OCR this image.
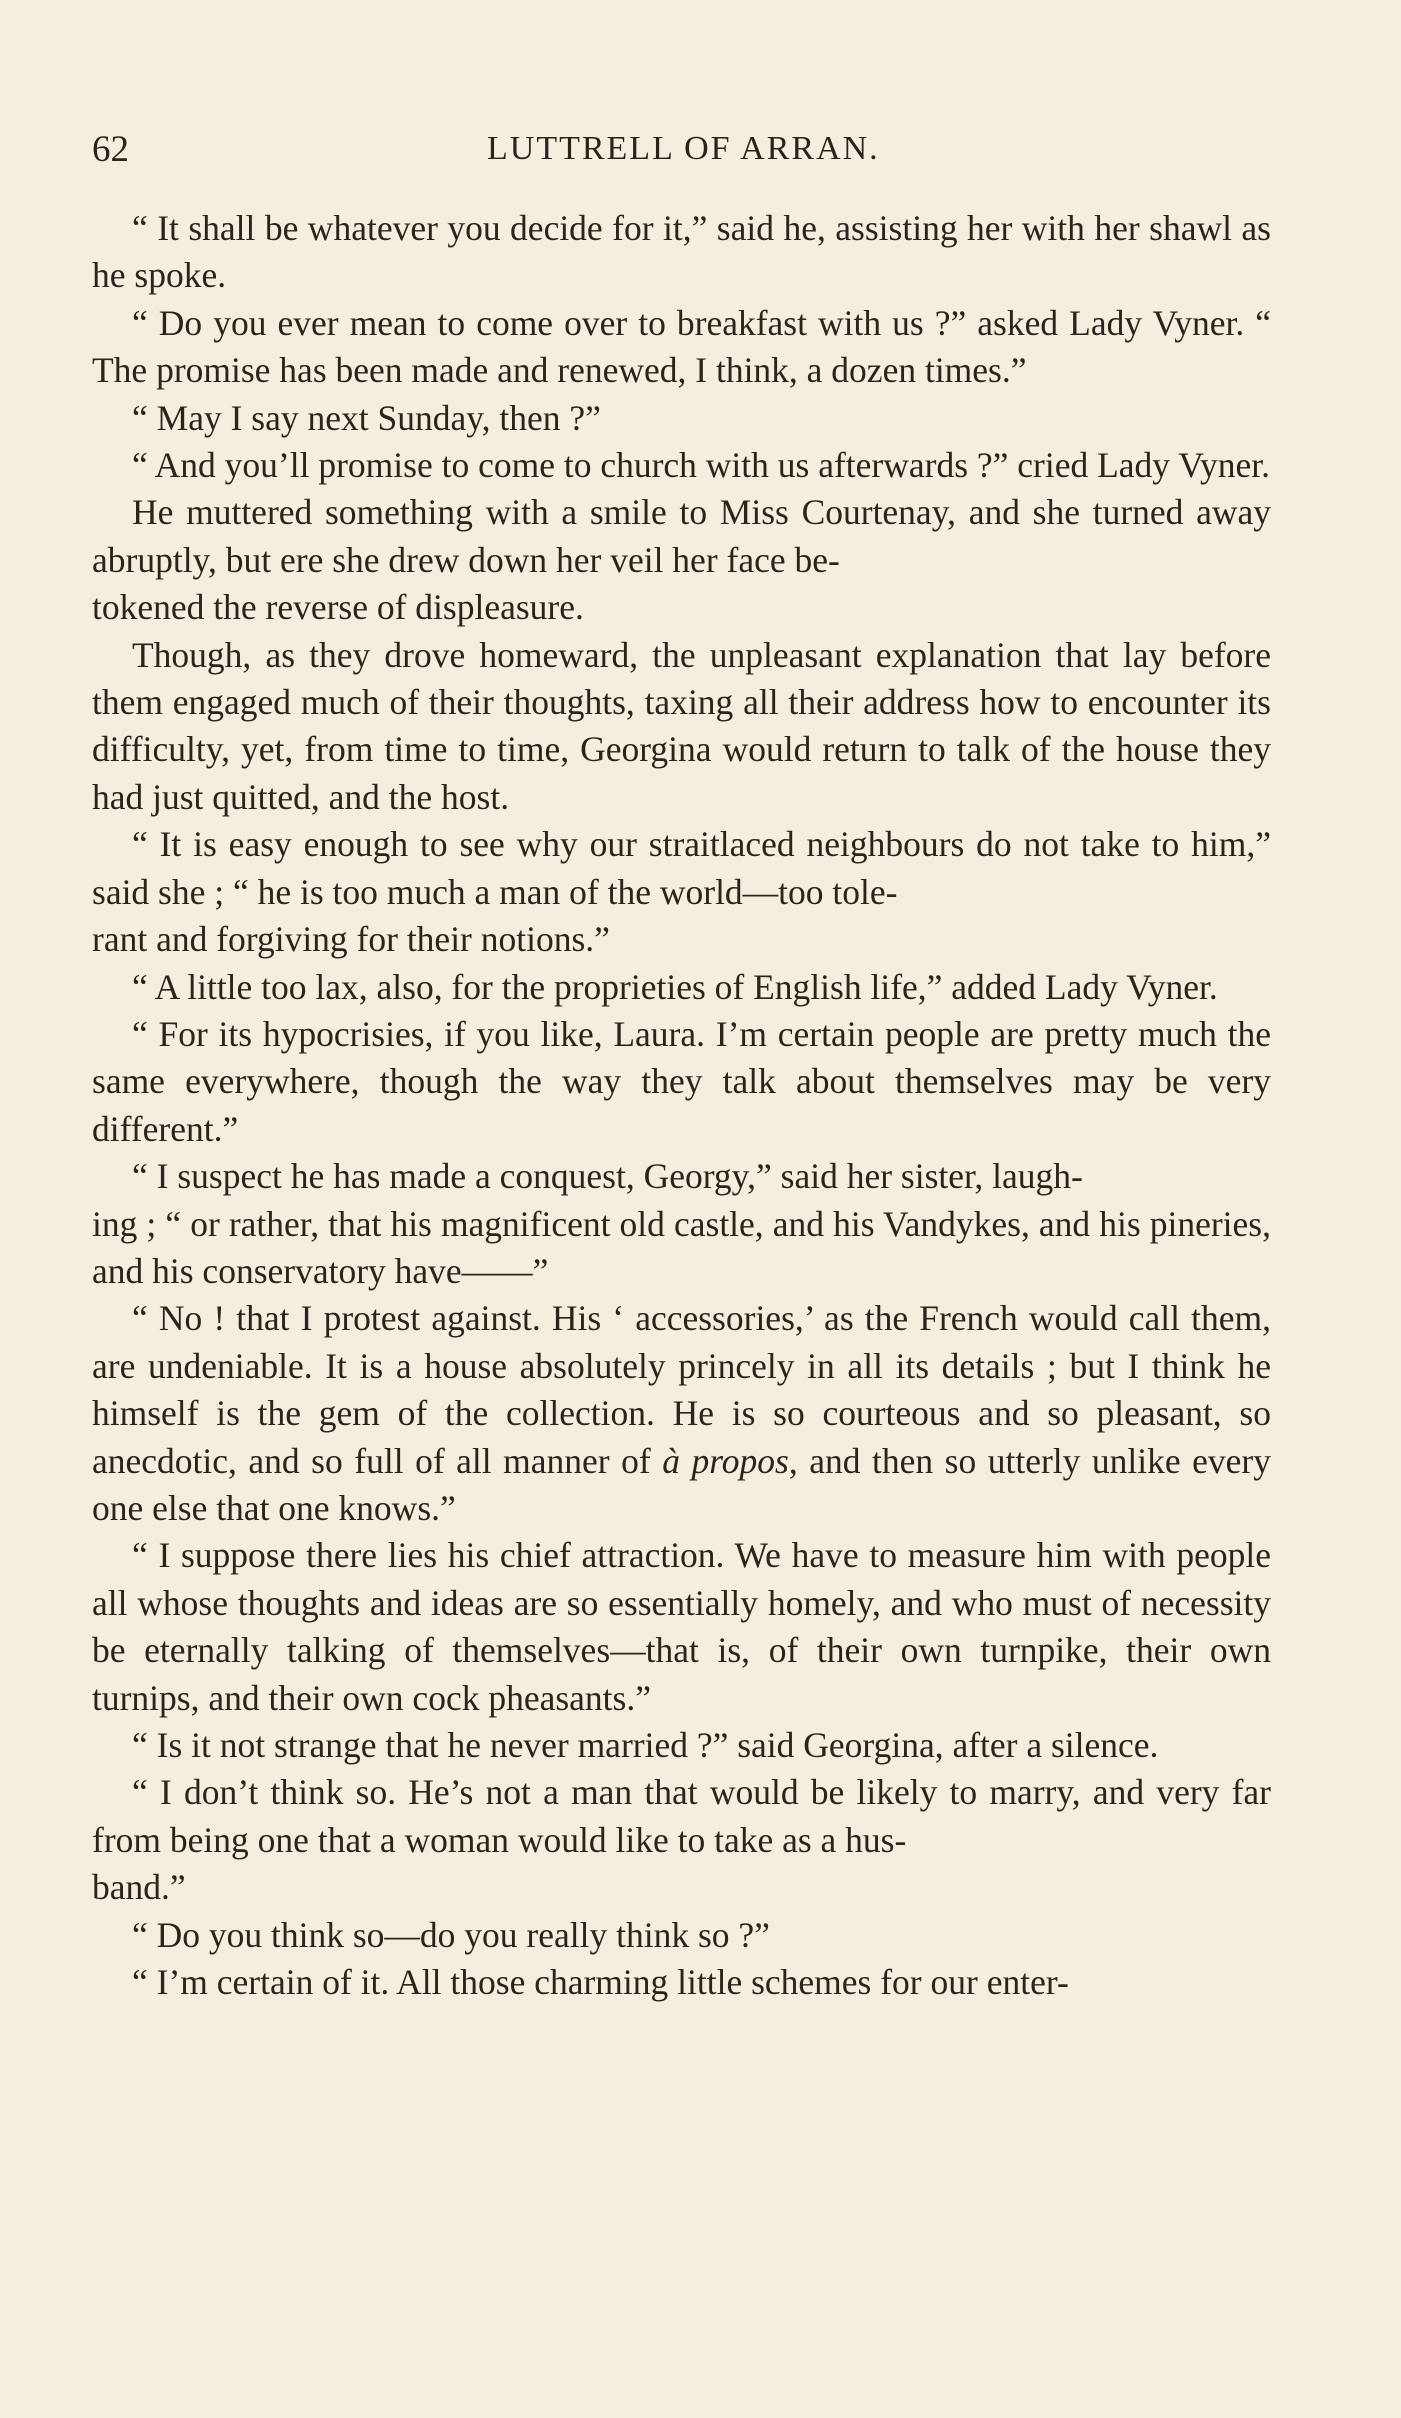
62	LUTTRELL OF ARRAN.

“ It shall be whatever you decide for it,” said he, assisting her with her shawl as he spoke.

“ Do you ever mean to come over to breakfast with us ?” asked Lady Vyner. “ The promise has been made and renewed, I think, a dozen times.”

“ May I say next Sunday, then ?”

“ And you’ll promise to come to church with us afterwards ?” cried Lady Vyner.

He muttered something with a smile to Miss Courtenay, and she turned away abruptly, but ere she drew down her veil her face be-
tokened the reverse of displeasure.

Though, as they drove homeward, the unpleasant explanation that lay before them engaged much of their thoughts, taxing all their address how to encounter its difficulty, yet, from time to time, Georgina would return to talk of the house they had just quitted, and the host.

“ It is easy enough to see why our straitlaced neighbours do not take to him,” said she ; “ he is too much a man of the world—too tole-
rant and forgiving for their notions.”

“ A little too lax, also, for the proprieties of English life,” added Lady Vyner.

“ For its hypocrisies, if you like, Laura. I’m certain people are pretty much the same everywhere, though the way they talk about themselves may be very different.”

“ I suspect he has made a conquest, Georgy,” said her sister, laugh-
ing ; “ or rather, that his magnificent old castle, and his Vandykes, and his pineries, and his conservatory have——”

“ No ! that I protest against. His ‘ accessories,’ as the French would call them, are undeniable. It is a house absolutely princely in all its details ; but I think he himself is the gem of the collection. He is so courteous and so pleasant, so anecdotic, and so full of all manner of à propos, and then so utterly unlike every one else that one knows.”

“ I suppose there lies his chief attraction. We have to measure him with people all whose thoughts and ideas are so essentially homely, and who must of necessity be eternally talking of themselves—that is, of their own turnpike, their own turnips, and their own cock pheasants.”

“ Is it not strange that he never married ?” said Georgina, after a silence.

“ I don’t think so. He’s not a man that would be likely to marry, and very far from being one that a woman would like to take as a hus-
band.”

“ Do you think so—do you really think so ?”

“ I’m certain of it. All those charming little schemes for our enter-
